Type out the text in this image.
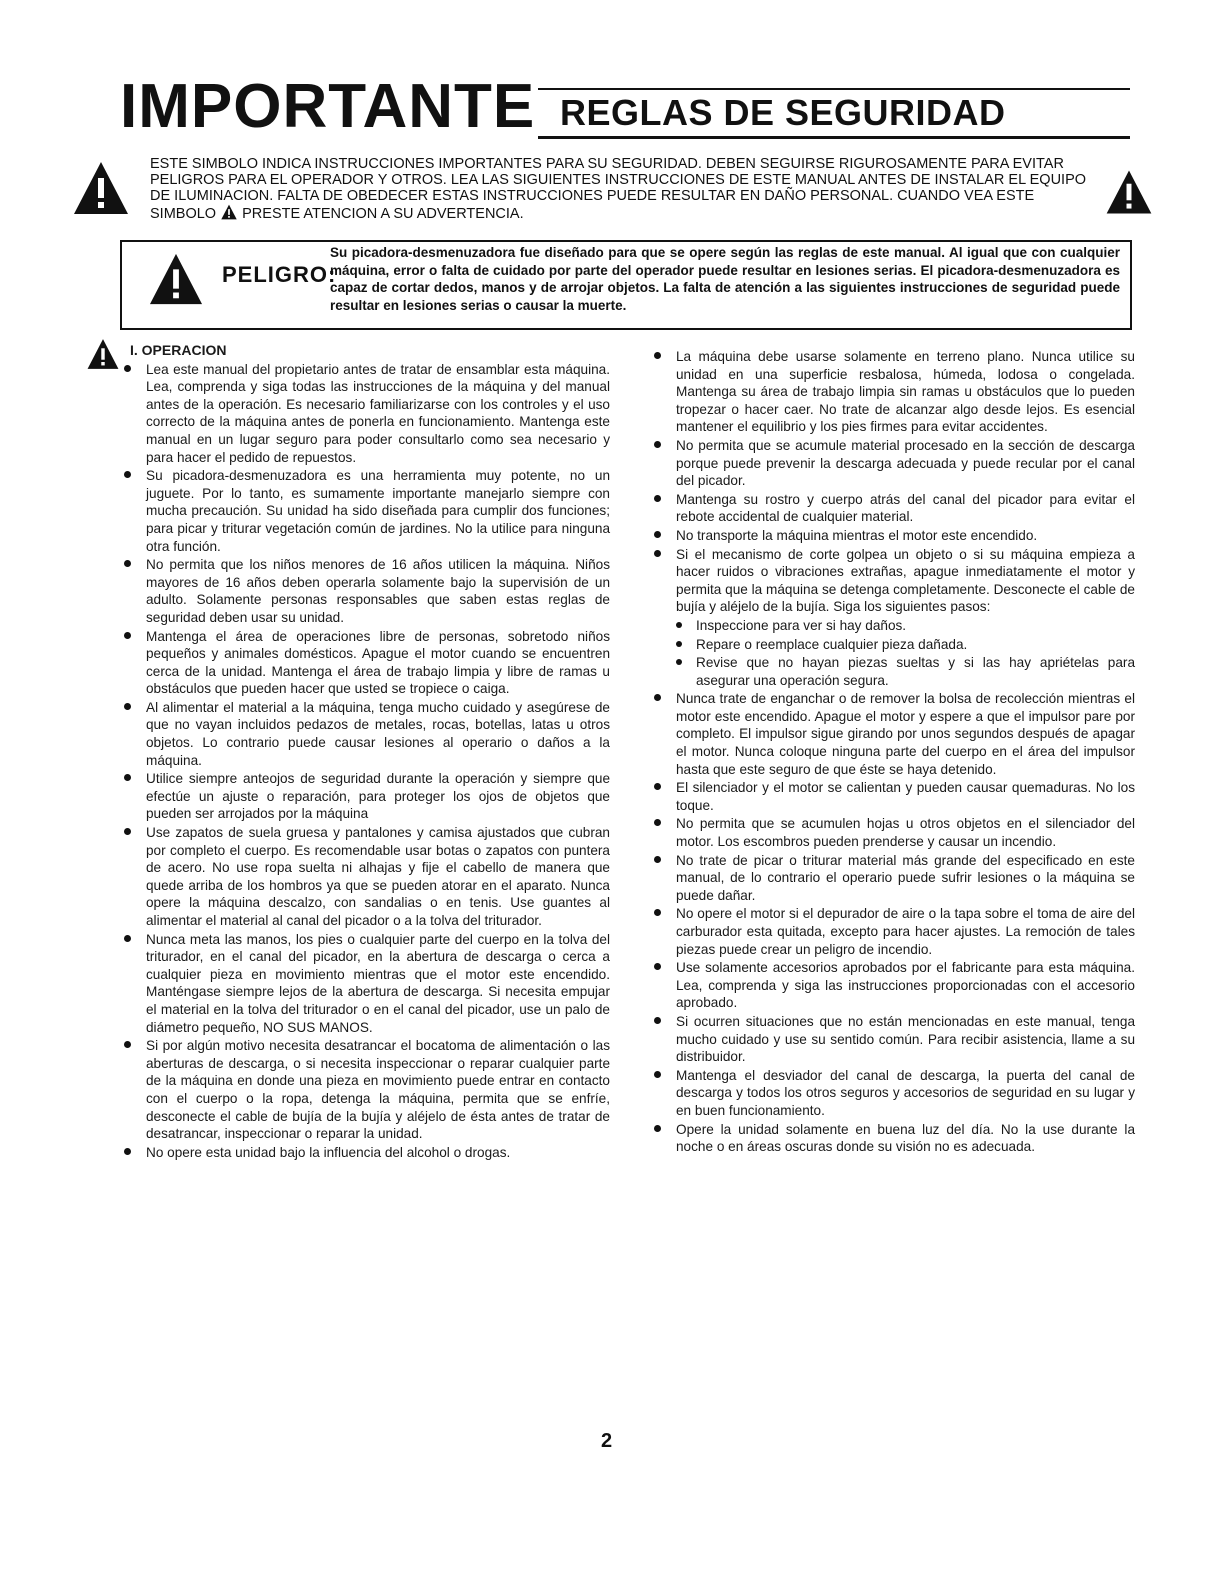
IMPORTANTE REGLAS DE SEGURIDAD
ESTE SIMBOLO INDICA INSTRUCCIONES IMPORTANTES PARA SU SEGURIDAD. DEBEN SEGUIRSE RIGUROSAMENTE PARA EVITAR PELIGROS PARA EL OPERADOR Y OTROS. LEA LAS SIGUIENTES INSTRUCCIONES DE ESTE MANUAL ANTES DE INSTALAR EL EQUIPO DE ILUMINACION. FALTA DE OBEDECER ESTAS INSTRUCCIONES PUEDE RESULTAR EN DAÑO PERSONAL. CUANDO VEA ESTE SIMBOLO PRESTE ATENCION A SU ADVERTENCIA.
PELIGRO:
Su picadora-desmenuzadora fue diseñado para que se opere según las reglas de este manual. Al igual que con cualquier máquina, error o falta de cuidado por parte del operador puede resultar en lesiones serias. El picadora-desmenuzadora es capaz de cortar dedos, manos y de arrojar objetos. La falta de atención a las siguientes instrucciones de seguridad puede resultar en lesiones serias o causar la muerte.
I. OPERACION
Lea este manual del propietario antes de tratar de ensamblar esta máquina. Lea, comprenda y siga todas las instrucciones de la máquina y del manual antes de la operación. Es necesario familiarizarse con los controles y el uso correcto de la máquina antes de ponerla en funcionamiento. Mantenga este manual en un lugar seguro para poder consultarlo como sea necesario y para hacer el pedido de repuestos.
Su picadora-desmenuzadora es una herramienta muy potente, no un juguete. Por lo tanto, es sumamente importante manejarlo siempre con mucha precaución. Su unidad ha sido diseñada para cumplir dos funciones; para picar y triturar vegetación común de jardines. No la utilice para ninguna otra función.
No permita que los niños menores de 16 años utilicen la máquina. Niños mayores de 16 años deben operarla solamente bajo la supervisión de un adulto. Solamente personas responsables que saben estas reglas de seguridad deben usar su unidad.
Mantenga el área de operaciones libre de personas, sobretodo niños pequeños y animales domésticos. Apague el motor cuando se encuentren cerca de la unidad. Mantenga el área de trabajo limpia y libre de ramas u obstáculos que pueden hacer que usted se tropiece o caiga.
Al alimentar el material a la máquina, tenga mucho cuidado y asegúrese de que no vayan incluidos pedazos de metales, rocas, botellas, latas u otros objetos. Lo contrario puede causar lesiones al operario o daños a la máquina.
Utilice siempre anteojos de seguridad durante la operación y siempre que efectúe un ajuste o reparación, para proteger los ojos de objetos que pueden ser arrojados por la máquina
Use zapatos de suela gruesa y pantalones y camisa ajustados que cubran por completo el cuerpo. Es recomendable usar botas o zapatos con puntera de acero. No use ropa suelta ni alhajas y fije el cabello de manera que quede arriba de los hombros ya que se pueden atorar en el aparato. Nunca opere la máquina descalzo, con sandalias o en tenis. Use guantes al alimentar el material al canal del picador o a la tolva del triturador.
Nunca meta las manos, los pies o cualquier parte del cuerpo en la tolva del triturador, en el canal del picador, en la abertura de descarga o cerca a cualquier pieza en movimiento mientras que el motor este encendido. Manténgase siempre lejos de la abertura de descarga. Si necesita empujar el material en la tolva del triturador o en el canal del picador, use un palo de diámetro pequeño, NO SUS MANOS.
Si por algún motivo necesita desatrancar el bocatoma de alimentación o las aberturas de descarga, o si necesita inspeccionar o reparar cualquier parte de la máquina en donde una pieza en movimiento puede entrar en contacto con el cuerpo o la ropa, detenga la máquina, permita que se enfríe, desconecte el cable de bujía de la bujía y aléjelo de ésta antes de tratar de desatrancar, inspeccionar o reparar la unidad.
No opere esta unidad bajo la influencia del alcohol o drogas.
La máquina debe usarse solamente en terreno plano. Nunca utilice su unidad en una superficie resbalosa, húmeda, lodosa o congelada. Mantenga su área de trabajo limpia sin ramas u obstáculos que lo pueden tropezar o hacer caer. No trate de alcanzar algo desde lejos. Es esencial mantener el equilibrio y los pies firmes para evitar accidentes.
No permita que se acumule material procesado en la sección de descarga porque puede prevenir la descarga adecuada y puede recular por el canal del picador.
Mantenga su rostro y cuerpo atrás del canal del picador para evitar el rebote accidental de cualquier material.
No transporte la máquina mientras el motor este encendido.
Si el mecanismo de corte golpea un objeto o si su máquina empieza a hacer ruidos o vibraciones extrañas, apague inmediatamente el motor y permita que la máquina se detenga completamente. Desconecte el cable de bujía y aléjelo de la bujía. Siga los siguientes pasos:
Inspeccione para ver si hay daños.
Repare o reemplace cualquier pieza dañada.
Revise que no hayan piezas sueltas y si las hay apriételas para asegurar una operación segura.
Nunca trate de enganchar o de remover la bolsa de recolección mientras el motor este encendido. Apague el motor y espere a que el impulsor pare por completo. El impulsor sigue girando por unos segundos después de apagar el motor. Nunca coloque ninguna parte del cuerpo en el área del impulsor hasta que este seguro de que éste se haya detenido.
El silenciador y el motor se calientan y pueden causar quemaduras. No los toque.
No permita que se acumulen hojas u otros objetos en el silenciador del motor. Los escombros pueden prenderse y causar un incendio.
No trate de picar o triturar material más grande del especificado en este manual, de lo contrario el operario puede sufrir lesiones o la máquina se puede dañar.
No opere el motor si el depurador de aire o la tapa sobre el toma de aire del carburador esta quitada, excepto para hacer ajustes. La remoción de tales piezas puede crear un peligro de incendio.
Use solamente accesorios aprobados por el fabricante para esta máquina. Lea, comprenda y siga las instrucciones proporcionadas con el accesorio aprobado.
Si ocurren situaciones que no están mencionadas en este manual, tenga mucho cuidado y use su sentido común. Para recibir asistencia, llame a su distribuidor.
Mantenga el desviador del canal de descarga, la puerta del canal de descarga y todos los otros seguros y accesorios de seguridad en su lugar y en buen funcionamiento.
Opere la unidad solamente en buena luz del día. No la use durante la noche o en áreas oscuras donde su visión no es adecuada.
2
